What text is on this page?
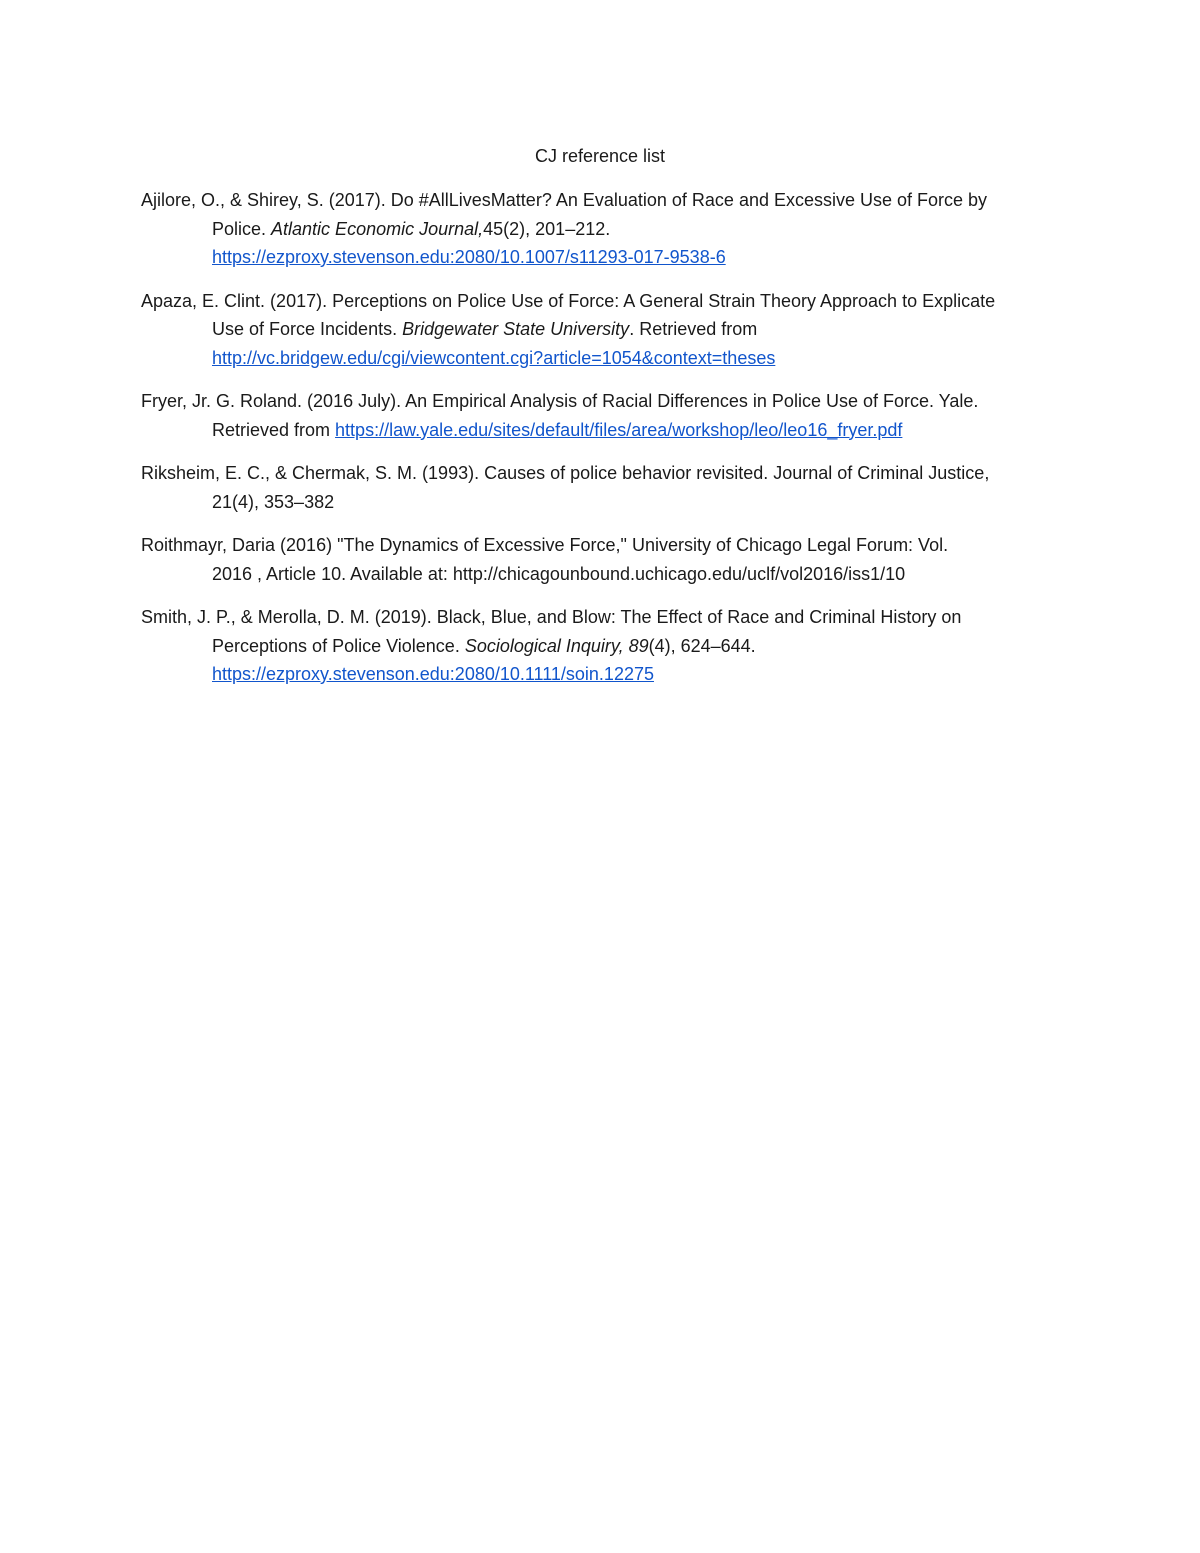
CJ reference list
Ajilore, O., & Shirey, S. (2017). Do #AllLivesMatter? An Evaluation of Race and Excessive Use of Force by
Police. Atlantic Economic Journal,45(2), 201–212.
https://ezproxy.stevenson.edu:2080/10.1007/s11293-017-9538-6
Apaza, E. Clint. (2017). Perceptions on Police Use of Force: A General Strain Theory Approach to Explicate
Use of Force Incidents. Bridgewater State University. Retrieved from
http://vc.bridgew.edu/cgi/viewcontent.cgi?article=1054&context=theses
Fryer, Jr. G. Roland. (2016 July). An Empirical Analysis of Racial Differences in Police Use of Force. Yale.
Retrieved from https://law.yale.edu/sites/default/files/area/workshop/leo/leo16_fryer.pdf
Riksheim, E. C., & Chermak, S. M. (1993). Causes of police behavior revisited. Journal of Criminal Justice,
21(4), 353–382
Roithmayr, Daria (2016) "The Dynamics of Excessive Force," University of Chicago Legal Forum: Vol.
2016 , Article 10. Available at: http://chicagounbound.uchicago.edu/uclf/vol2016/iss1/10
Smith, J. P., & Merolla, D. M. (2019). Black, Blue, and Blow: The Effect of Race and Criminal History on
Perceptions of Police Violence. Sociological Inquiry, 89(4), 624–644.
https://ezproxy.stevenson.edu:2080/10.1111/soin.12275
